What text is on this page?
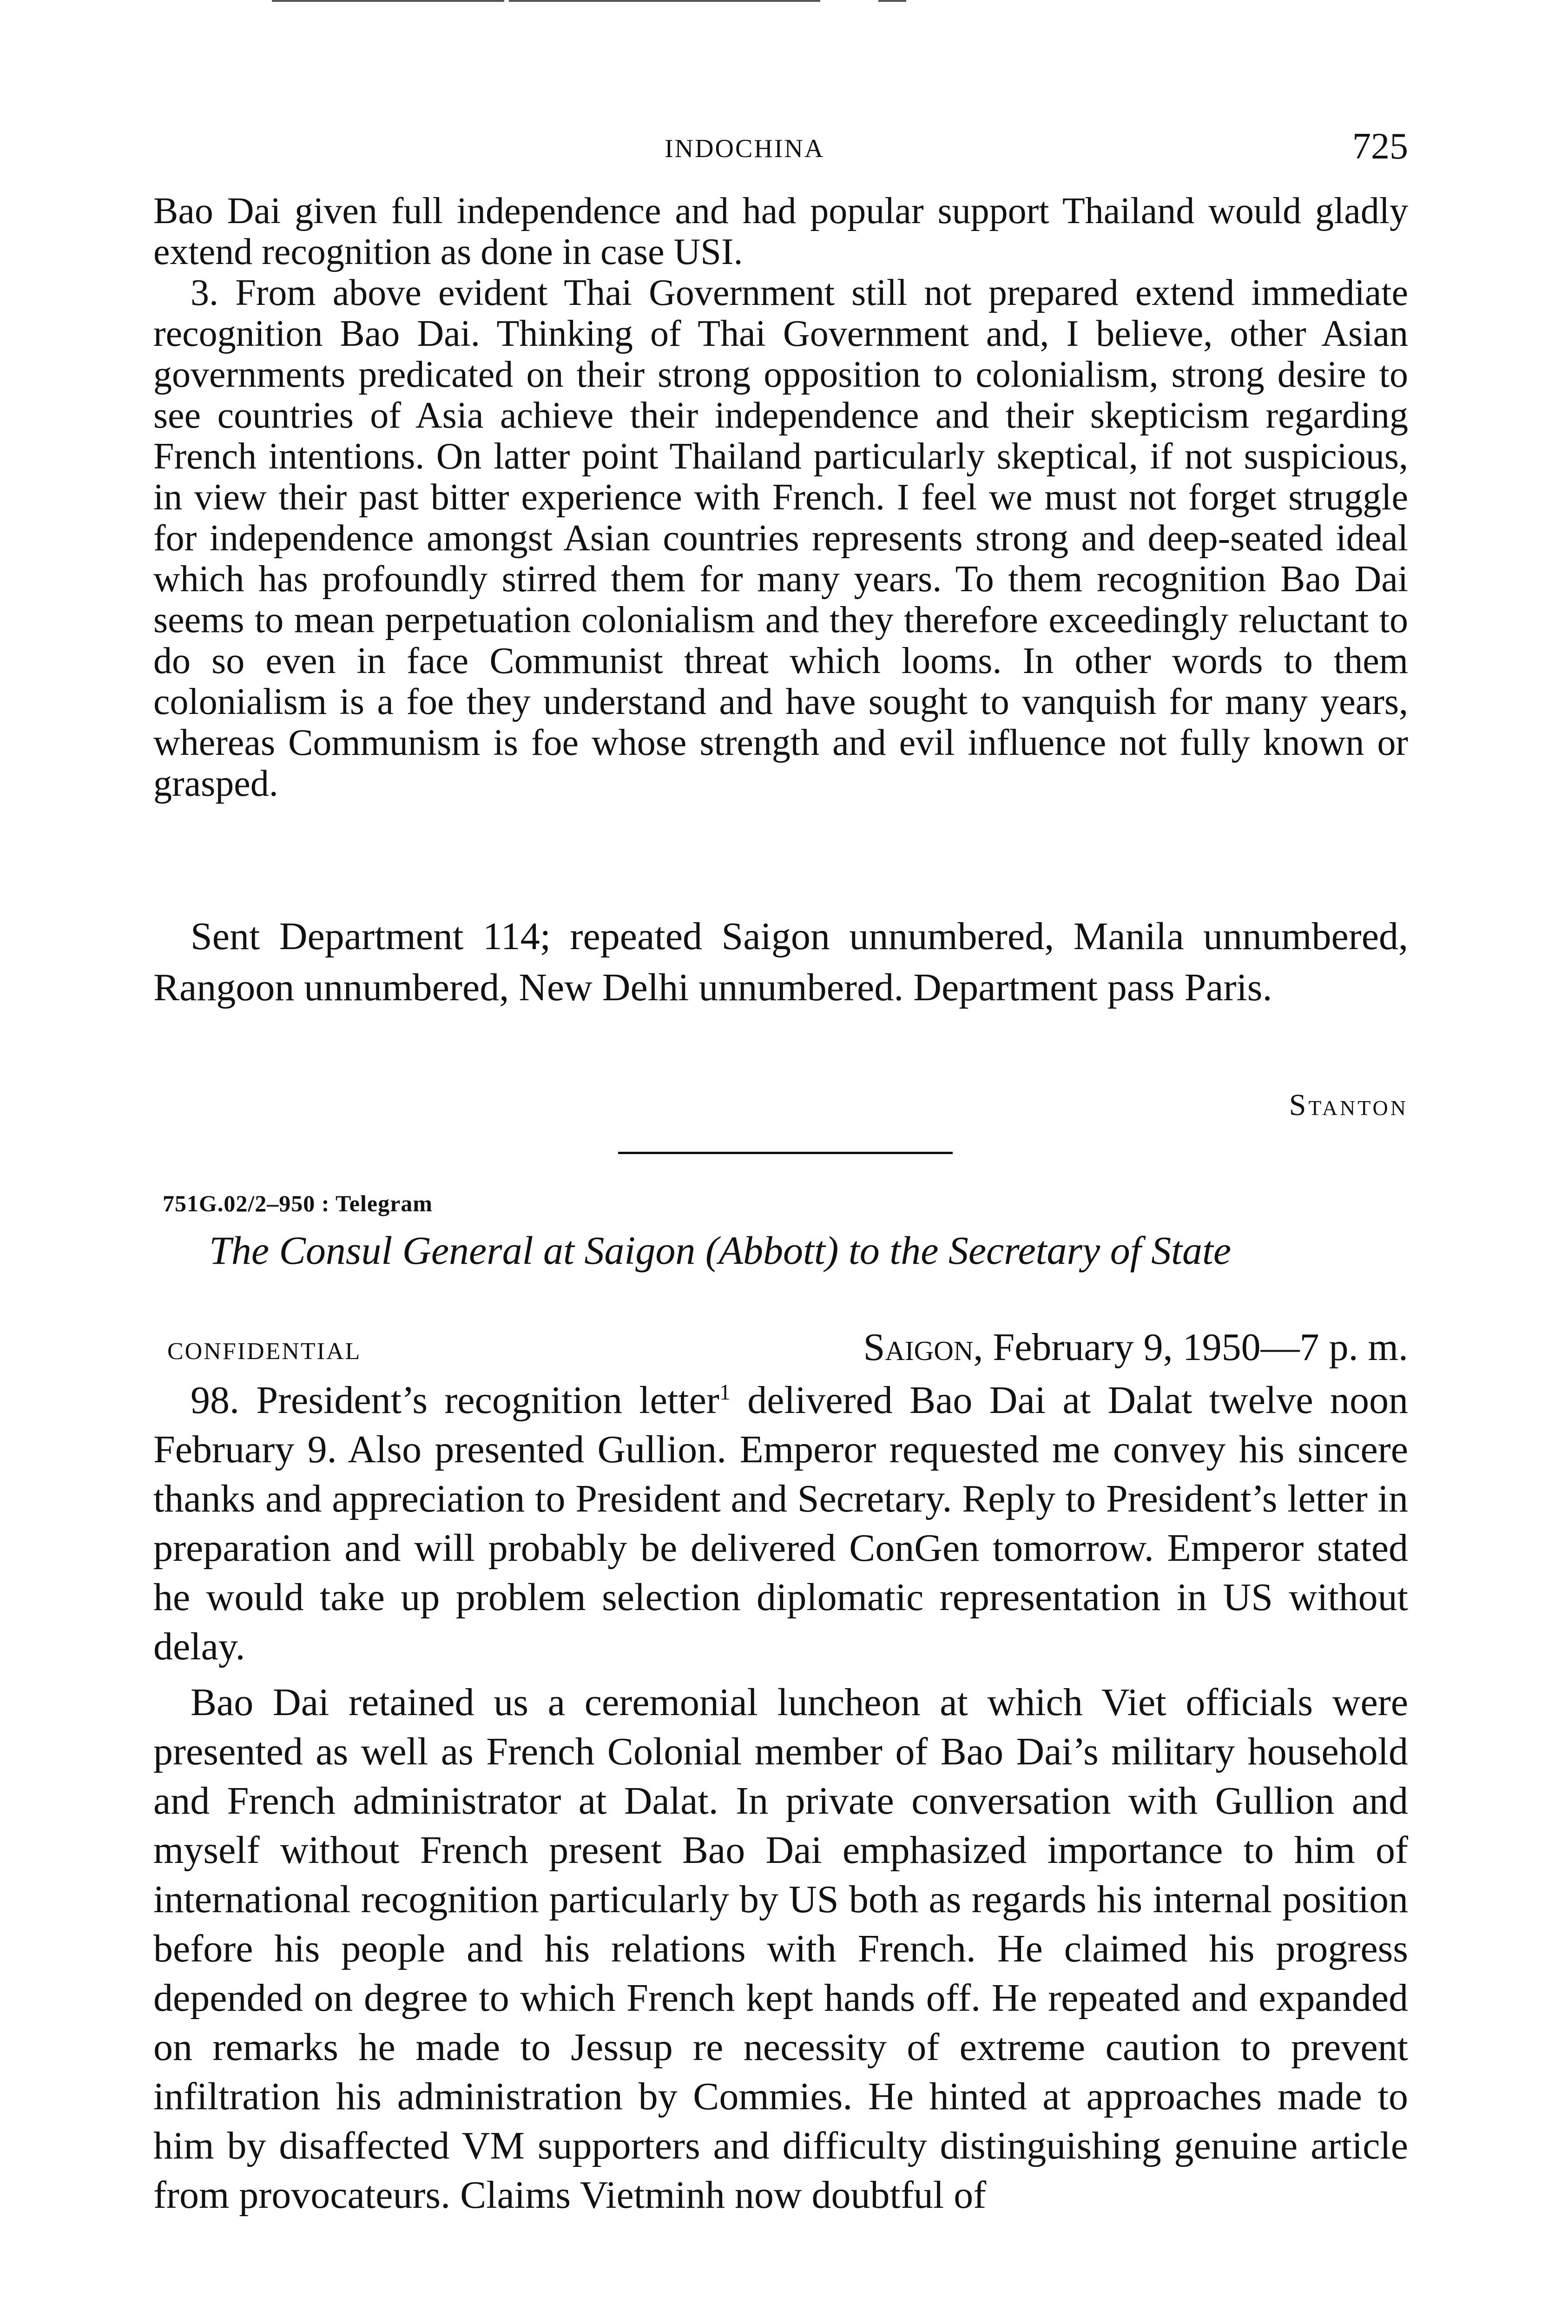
INDOCHINA	725

Bao Dai given full independence and had popular support Thailand would gladly extend recognition as done in case USI.

3. From above evident Thai Government still not prepared extend immediate recognition Bao Dai. Thinking of Thai Government and, I believe, other Asian governments predicated on their strong opposition to colonialism, strong desire to see countries of Asia achieve their independence and their skepticism regarding French intentions. On latter point Thailand particularly skeptical, if not suspicious, in view their past bitter experience with French. I feel we must not forget struggle for independence amongst Asian countries represents strong and deep-seated ideal which has profoundly stirred them for many years. To them recognition Bao Dai seems to mean perpetuation colonialism and they therefore exceedingly reluctant to do so even in face Communist threat which looms. In other words to them colonialism is a foe they understand and have sought to vanquish for many years, whereas Communism is foe whose strength and evil influence not fully known or grasped.

Sent Department 114; repeated Saigon unnumbered, Manila unnumbered, Rangoon unnumbered, New Delhi unnumbered. Department pass Paris.

Stanton
751G.02/2–950 : Telegram
The Consul General at Saigon (Abbott) to the Secretary of State
CONFIDENTIAL	Saigon, February 9, 1950—7 p. m.

98. President’s recognition letter$^1$ delivered Bao Dai at Dalat twelve noon February 9. Also presented Gullion. Emperor requested me convey his sincere thanks and appreciation to President and Secretary. Reply to President’s letter in preparation and will probably be delivered ConGen tomorrow. Emperor stated he would take up problem selection diplomatic representation in US without delay.

Bao Dai retained us a ceremonial luncheon at which Viet officials were presented as well as French Colonial member of Bao Dai’s military household and French administrator at Dalat. In private conversation with Gullion and myself without French present Bao Dai emphasized importance to him of international recognition particularly by US both as regards his internal position before his people and his relations with French. He claimed his progress depended on degree to which French kept hands off. He repeated and expanded on remarks he made to Jessup re necessity of extreme caution to prevent infiltration his administration by Commies. He hinted at approaches made to him by disaffected VM supporters and difficulty distinguishing genuine article from provocateurs. Claims Vietminh now doubtful of
